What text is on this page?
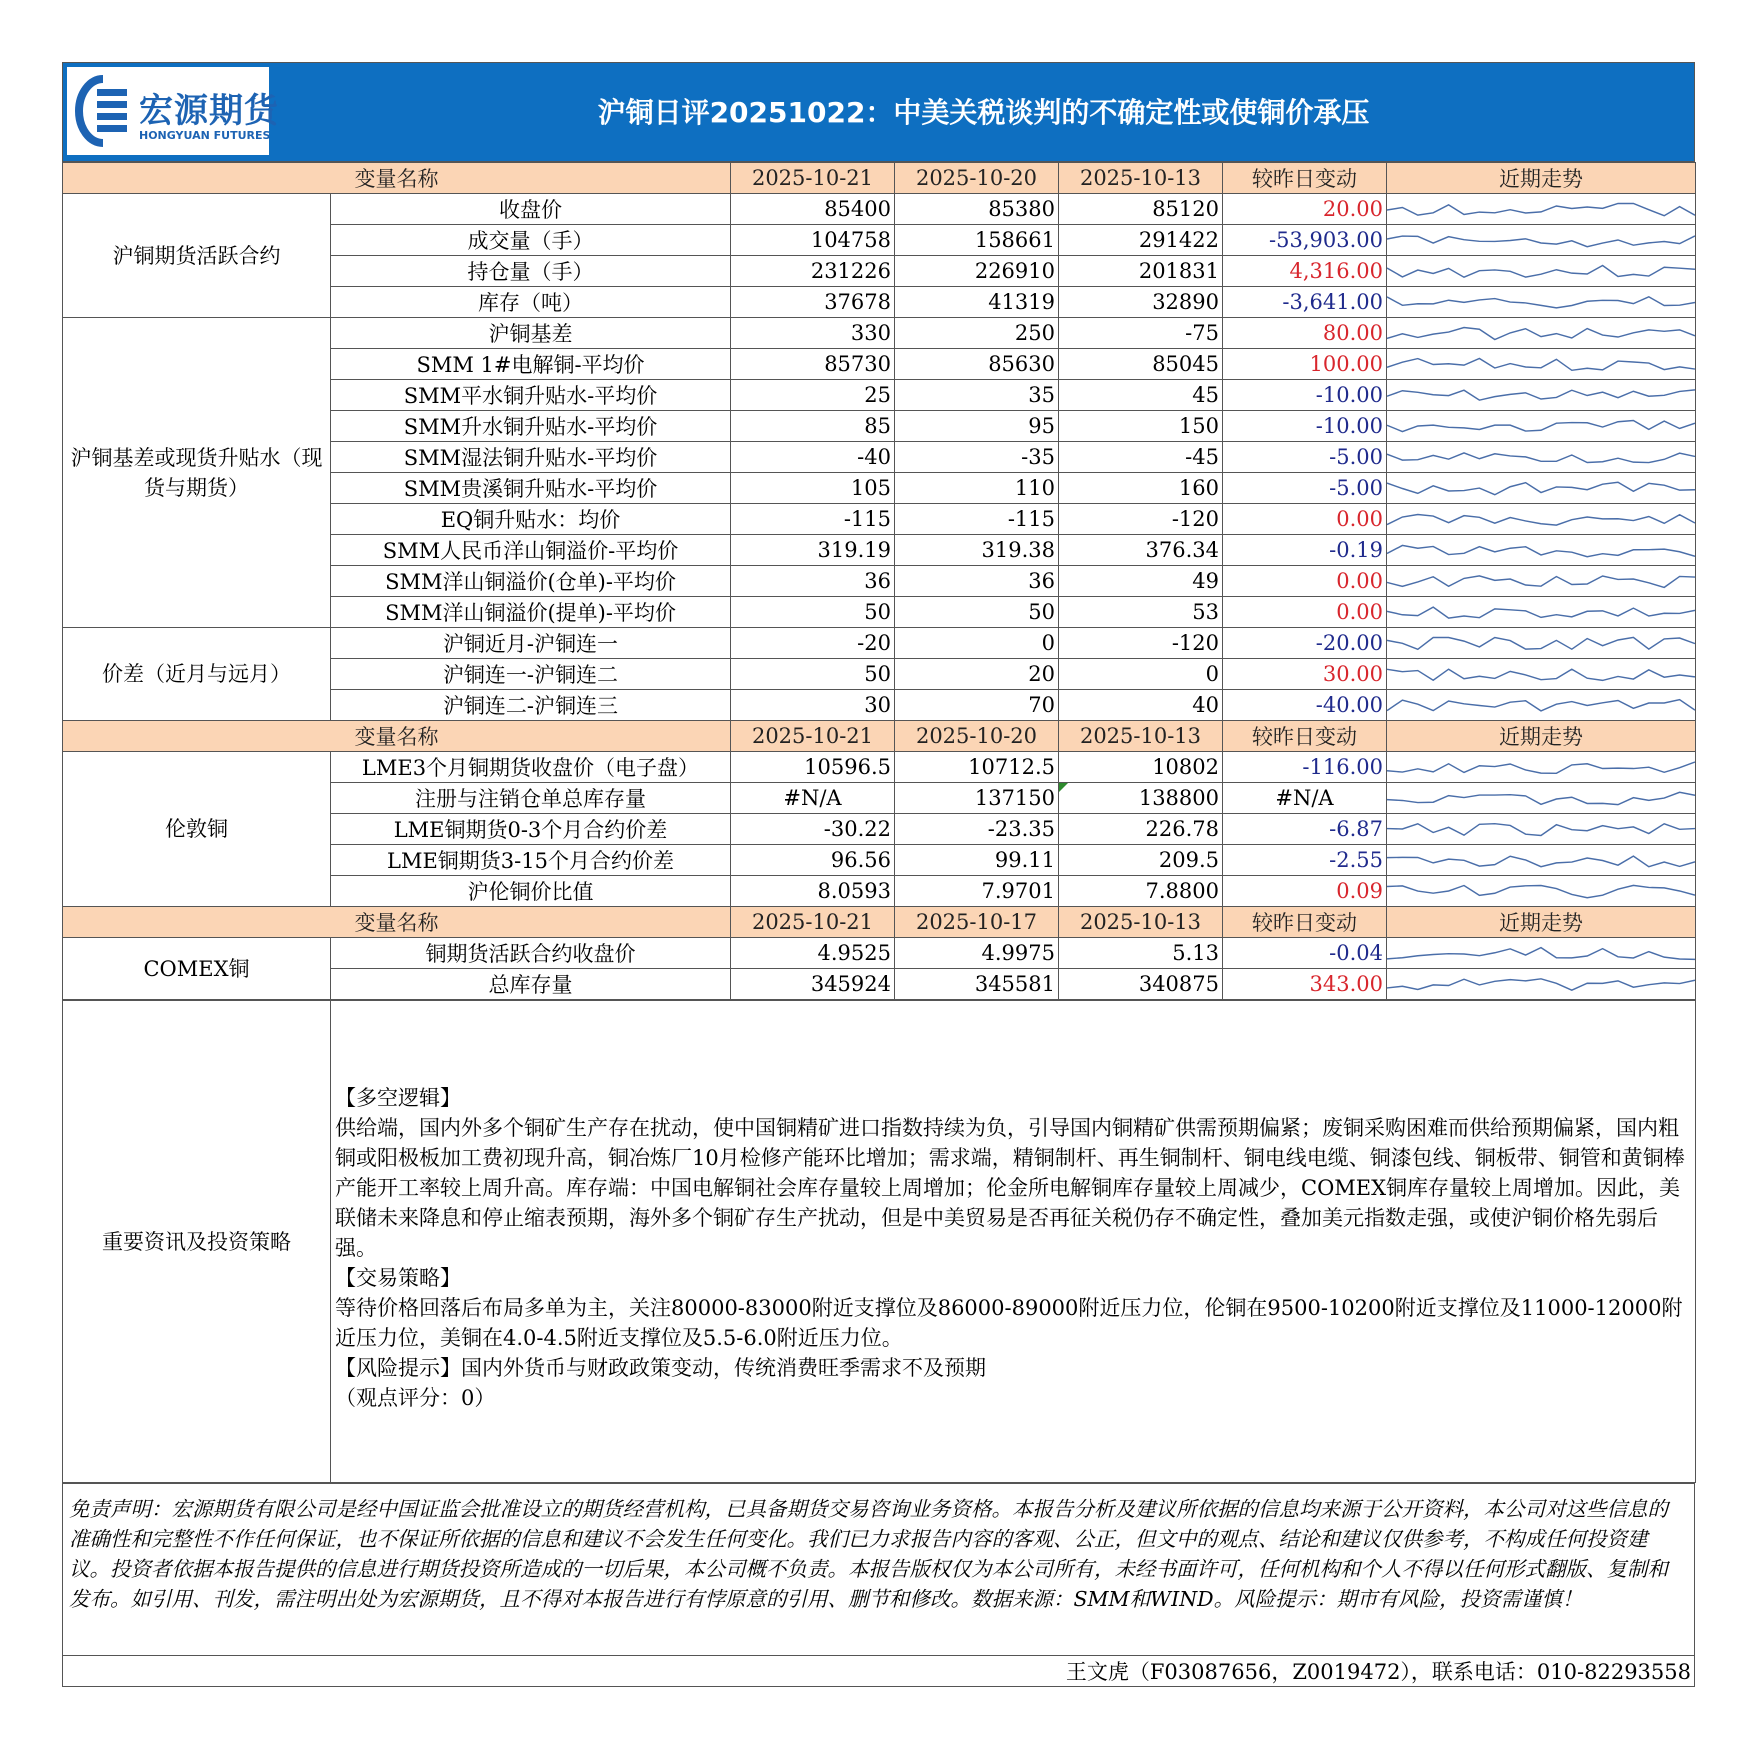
宏源期货
HONGYUAN FUTURES
沪铜日评20251022：中美关税谈判的不确定性或使铜价承压
变量名称		2025-10-21	2025-10-20	2025-10-13	较昨日变动	近期走势
沪铜期货活跃合约	收盘价	85400	85380	85120	20.00	

	成交量（手）	104758	158661	291422	-53,903.00	

	持仓量（手）	231226	226910	201831	4,316.00	

	库存（吨）	37678	41319	32890	-3,641.00	

沪铜基差或现货升贴水（现货与期货）	沪铜基差	330	250	-75	80.00	

	SMM 1#电解铜-平均价	85730	85630	85045	100.00	

	SMM平水铜升贴水-平均价	25	35	45	-10.00	

	SMM升水铜升贴水-平均价	85	95	150	-10.00	

	SMM湿法铜升贴水-平均价	-40	-35	-45	-5.00	

	SMM贵溪铜升贴水-平均价	105	110	160	-5.00	

	EQ铜升贴水：均价	-115	-115	-120	0.00	

	SMM人民币洋山铜溢价-平均价	319.19	319.38	376.34	-0.19	

	SMM洋山铜溢价(仓单)-平均价	36	36	49	0.00	

	SMM洋山铜溢价(提单)-平均价	50	50	53	0.00	

价差（近月与远月）	沪铜近月-沪铜连一	-20	0	-120	-20.00	

	沪铜连一-沪铜连二	50	20	0	30.00	

	沪铜连二-沪铜连三	30	70	40	-40.00	

变量名称		2025-10-21	2025-10-20	2025-10-13	较昨日变动	近期走势
伦敦铜	LME3个月铜期货收盘价（电子盘）	10596.5	10712.5	10802	-116.00	

	注册与注销仓单总库存量	#N/A	137150	138800	#N/A	

	LME铜期货0-3个月合约价差	-30.22	-23.35	226.78	-6.87	

	LME铜期货3-15个月合约价差	96.56	99.11	209.5	-2.55	

	沪伦铜价比值	8.0593	7.9701	7.8800	0.09	

变量名称		2025-10-21	2025-10-17	2025-10-13	较昨日变动	近期走势
COMEX铜	铜期货活跃合约收盘价	4.9525	4.9975	5.13	-0.04	

	总库存量	345924	345581	340875	343.00	
重要资讯及投资策略	

【多空逻辑】

供给端，国内外多个铜矿生产存在扰动，使中国铜精矿进口指数持续为负，引导国内铜精矿供需预期偏紧；废铜采购困难而供给预期偏紧，国内粗铜或阳极板加工费初现升高，铜冶炼厂10月检修产能环比增加；需求端，精铜制杆、再生铜制杆、铜电线电缆、铜漆包线、铜板带、铜管和黄铜棒产能开工率较上周升高。库存端：中国电解铜社会库存量较上周增加；伦金所电解铜库存量较上周减少，COMEX铜库存量较上周增加。因此，美联储未来降息和停止缩表预期，海外多个铜矿存生产扰动，但是中美贸易是否再征关税仍存不确定性，叠加美元指数走强，或使沪铜价格先弱后强。

【交易策略】

等待价格回落后布局多单为主，关注80000-83000附近支撑位及86000-89000附近压力位，伦铜在9500-10200附近支撑位及11000-12000附近压力位，美铜在4.0-4.5附近支撑位及5.5-6.0附近压力位。

【风险提示】国内外货币与财政政策变动，传统消费旺季需求不及预期

（观点评分：0）

免责声明：宏源期货有限公司是经中国证监会批准设立的期货经营机构，已具备期货交易咨询业务资格。本报告分析及建议所依据的信息均来源于公开资料，本公司对这些信息的准确性和完整性不作任何保证，也不保证所依据的信息和建议不会发生任何变化。我们已力求报告内容的客观、公正，但文中的观点、结论和建议仅供参考，不构成任何投资建议。投资者依据本报告提供的信息进行期货投资所造成的一切后果，本公司概不负责。本报告版权仅为本公司所有，未经书面许可，任何机构和个人不得以任何形式翻版、复制和发布。如引用、刊发，需注明出处为宏源期货，且不得对本报告进行有悖原意的引用、删节和修改。数据来源：SMM和WIND。风险提示：期市有风险，投资需谨慎！
王文虎（F03087656，Z0019472），联系电话：010-82293558
